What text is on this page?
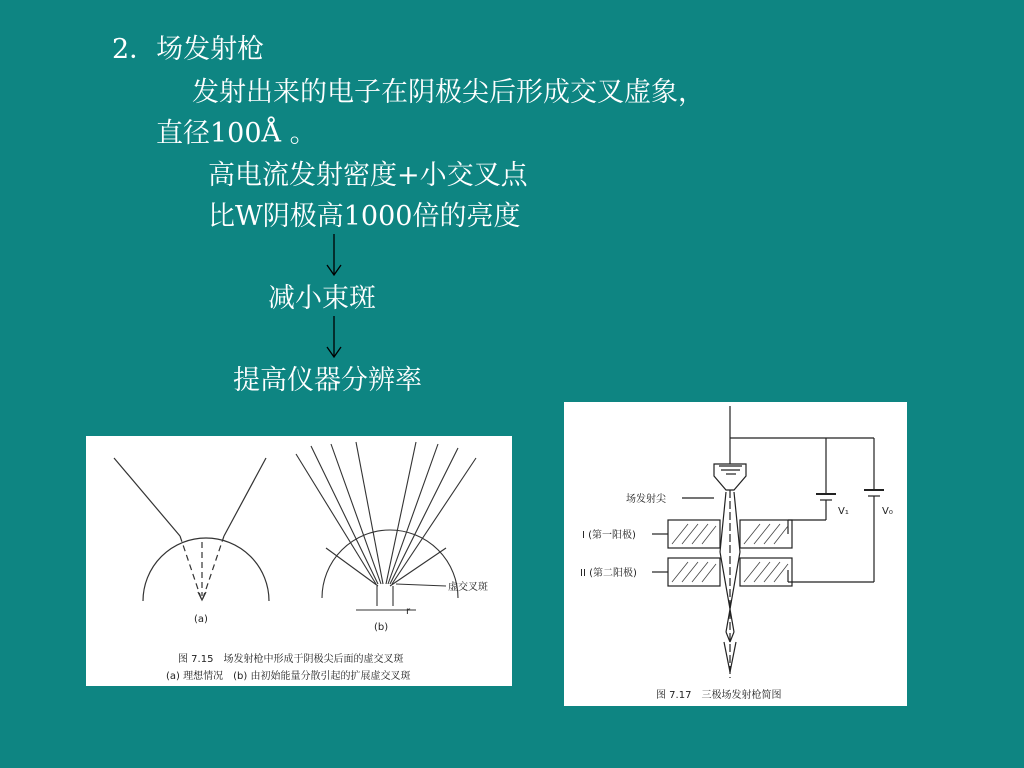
2．场发射枪
发射出来的电子在阴极尖后形成交叉虚象，
直径100Å 。
高电流发射密度+小交叉点
比W阴极高1000倍的亮度
减小束斑
提高仪器分辨率
(a)
虚交叉斑
r
(b)
图 7.15　场发射枪中形成于阴极尖后面的虚交叉斑
(a) 理想情况　(b) 由初始能量分散引起的扩展虚交叉斑
场发射尖
I (第一阳极)
II (第二阳极)
V₁	V₀
图 7.17　三极场发射枪简图
